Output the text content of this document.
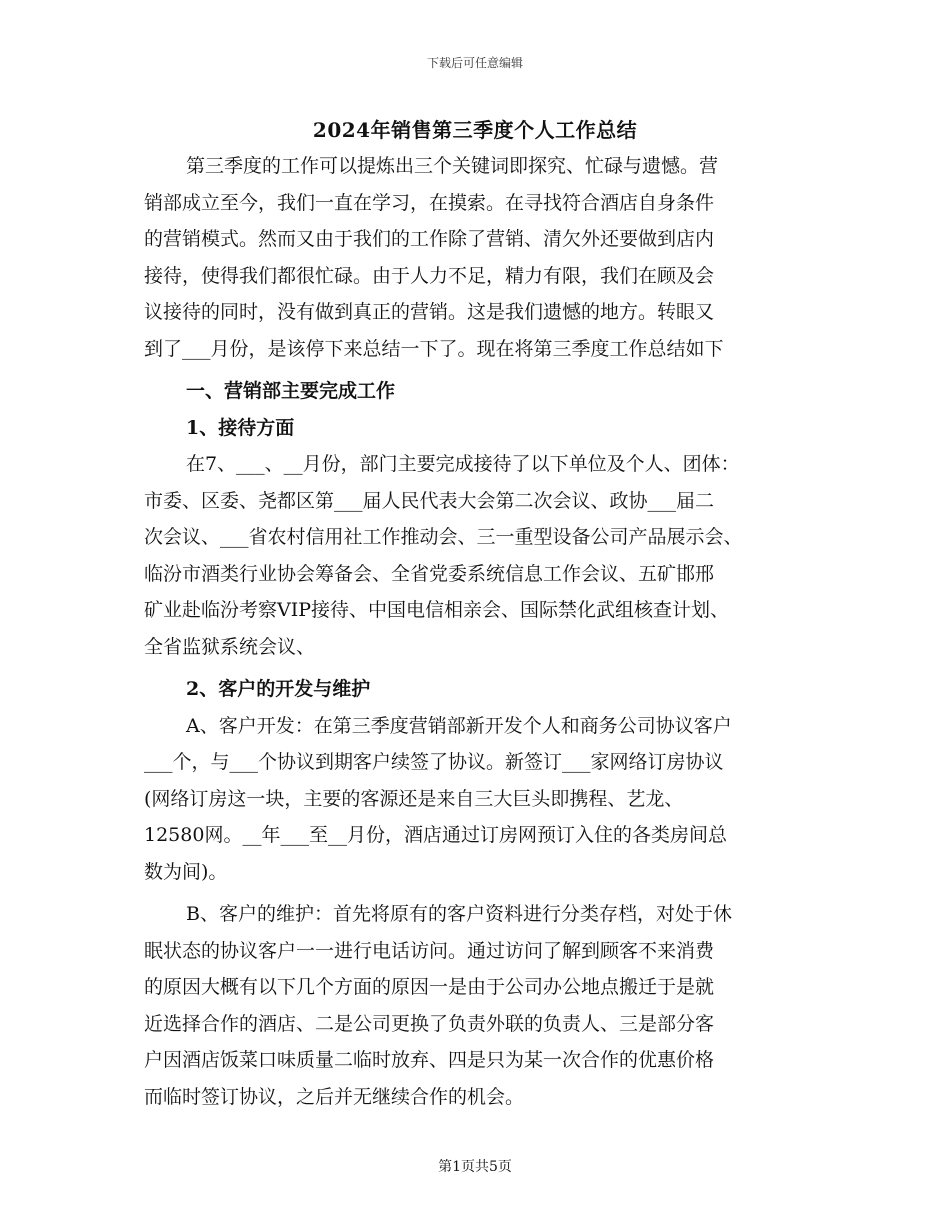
下载后可任意编辑
2024年销售第三季度个人工作总结
第三季度的工作可以提炼出三个关键词即探究、忙碌与遗憾。营
销部成立至今，我们一直在学习，在摸索。在寻找符合酒店自身条件
的营销模式。然而又由于我们的工作除了营销、清欠外还要做到店内
接待，使得我们都很忙碌。由于人力不足，精力有限，我们在顾及会
议接待的同时，没有做到真正的营销。这是我们遗憾的地方。转眼又
到了___月份，是该停下来总结一下了。现在将第三季度工作总结如下
一、营销部主要完成工作
1、接待方面
在7、___、__月份，部门主要完成接待了以下单位及个人、团体：
市委、区委、尧都区第___届人民代表大会第二次会议、政协___届二
次会议、___省农村信用社工作推动会、三一重型设备公司产品展示会、
临汾市酒类行业协会筹备会、全省党委系统信息工作会议、五矿邯邢
矿业赴临汾考察VIP接待、中国电信相亲会、国际禁化武组核查计划、
全省监狱系统会议、
2、客户的开发与维护
A、客户开发：在第三季度营销部新开发个人和商务公司协议客户
___个，与___个协议到期客户续签了协议。新签订___家网络订房协议
(网络订房这一块，主要的客源还是来自三大巨头即携程、艺龙、
12580网。__年___至__月份，酒店通过订房网预订入住的各类房间总
数为间)。
B、客户的维护：首先将原有的客户资料进行分类存档，对处于休
眠状态的协议客户一一进行电话访问。通过访问了解到顾客不来消费
的原因大概有以下几个方面的原因一是由于公司办公地点搬迁于是就
近选择合作的酒店、二是公司更换了负责外联的负责人、三是部分客
户因酒店饭菜口味质量二临时放弃、四是只为某一次合作的优惠价格
而临时签订协议，之后并无继续合作的机会。
第1页共5页
